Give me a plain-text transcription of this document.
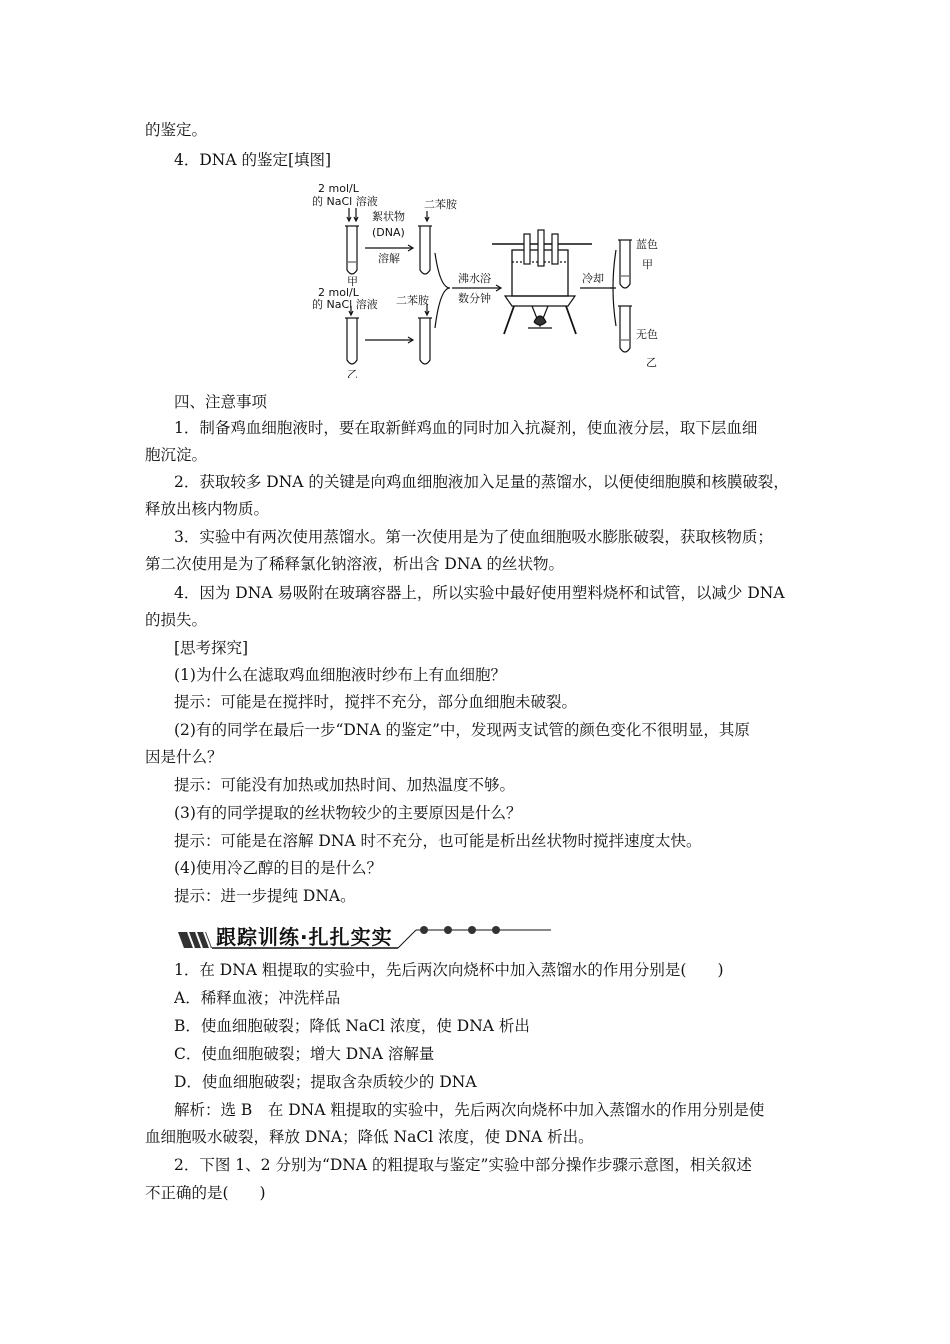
的鉴定。
4．DNA 的鉴定[填图]
2 mol/L
的 NaCl 溶液
絮状物
(DNA)
溶解
二苯胺
甲
2 mol/L
的 NaCl 溶液 二苯胺
乙
沸水浴
数分钟
冷却
蓝色
甲
无色
乙
四、注意事项
1．制备鸡血细胞液时，要在取新鲜鸡血的同时加入抗凝剂，使血液分层，取下层血细
胞沉淀。
2．获取较多 DNA 的关键是向鸡血细胞液加入足量的蒸馏水，以便使细胞膜和核膜破裂，
释放出核内物质。
3．实验中有两次使用蒸馏水。第一次使用是为了使血细胞吸水膨胀破裂，获取核物质；
第二次使用是为了稀释氯化钠溶液，析出含 DNA 的丝状物。
4．因为 DNA 易吸附在玻璃容器上，所以实验中最好使用塑料烧杯和试管，以减少 DNA
的损失。
[思考探究]
(1)为什么在滤取鸡血细胞液时纱布上有血细胞？
提示：可能是在搅拌时，搅拌不充分，部分血细胞未破裂。
(2)有的同学在最后一步“DNA 的鉴定”中，发现两支试管的颜色变化不很明显，其原
因是什么？
提示：可能没有加热或加热时间、加热温度不够。
(3)有的同学提取的丝状物较少的主要原因是什么？
提示：可能是在溶解 DNA 时不充分，也可能是析出丝状物时搅拌速度太快。
(4)使用冷乙醇的目的是什么？
提示：进一步提纯 DNA。
跟踪训练·扎扎实实
1．在 DNA 粗提取的实验中，先后两次向烧杯中加入蒸馏水的作用分别是(　　)
A．稀释血液；冲洗样品
B．使血细胞破裂；降低 NaCl 浓度，使 DNA 析出
C．使血细胞破裂；增大 DNA 溶解量
D．使血细胞破裂；提取含杂质较少的 DNA
解析：选 B　在 DNA 粗提取的实验中，先后两次向烧杯中加入蒸馏水的作用分别是使
血细胞吸水破裂，释放 DNA；降低 NaCl 浓度，使 DNA 析出。
2．下图 1、2 分别为“DNA 的粗提取与鉴定”实验中部分操作步骤示意图，相关叙述
不正确的是(　　)
